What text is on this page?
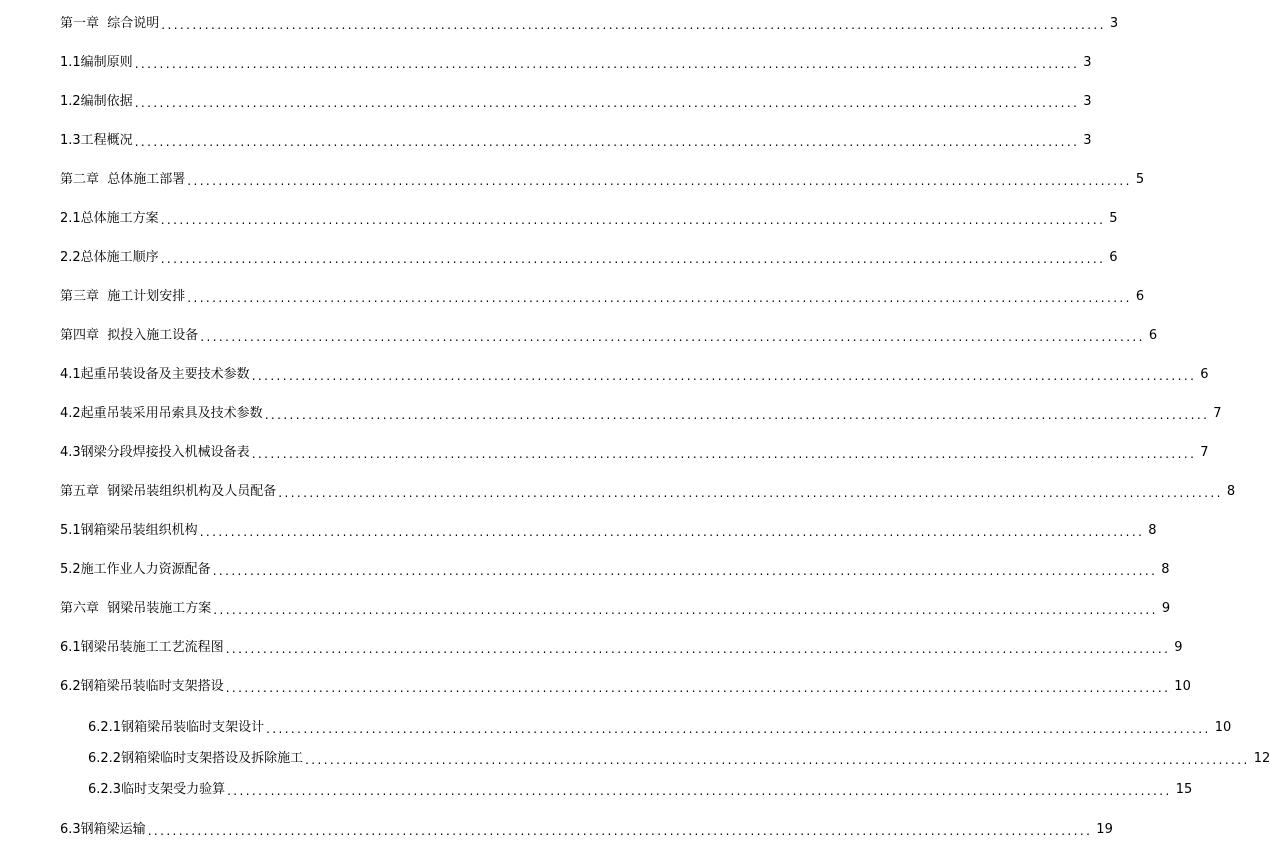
第一章  综合说明 ........................................................................................................................................................ 3
1.1编制原则 ........................................................................................................................................................ 3
1.2编制依据 ........................................................................................................................................................ 3
1.3工程概况 ........................................................................................................................................................ 3
第二章  总体施工部署 ........................................................................................................................................................ 5
2.1总体施工方案 ........................................................................................................................................................ 5
2.2总体施工顺序 ........................................................................................................................................................ 6
第三章  施工计划安排 ........................................................................................................................................................ 6
第四章  拟投入施工设备 ........................................................................................................................................................ 6
4.1起重吊装设备及主要技术参数 ........................................................................................................................................................ 6
4.2起重吊装采用吊索具及技术参数 ........................................................................................................................................................ 7
4.3钢梁分段焊接投入机械设备表 ........................................................................................................................................................ 7
第五章  钢梁吊装组织机构及人员配备 ........................................................................................................................................................ 8
5.1钢箱梁吊装组织机构 ........................................................................................................................................................ 8
5.2施工作业人力资源配备 ........................................................................................................................................................ 8
第六章  钢梁吊装施工方案 ........................................................................................................................................................ 9
6.1钢梁吊装施工工艺流程图 ........................................................................................................................................................ 9
6.2钢箱梁吊装临时支架搭设 ........................................................................................................................................................ 10
6.2.1钢箱梁吊装临时支架设计 ........................................................................................................................................................ 10
6.2.2钢箱梁临时支架搭设及拆除施工 ........................................................................................................................................................ 12
6.2.3临时支架受力验算 ........................................................................................................................................................ 15
6.3钢箱梁运输 ........................................................................................................................................................ 19
